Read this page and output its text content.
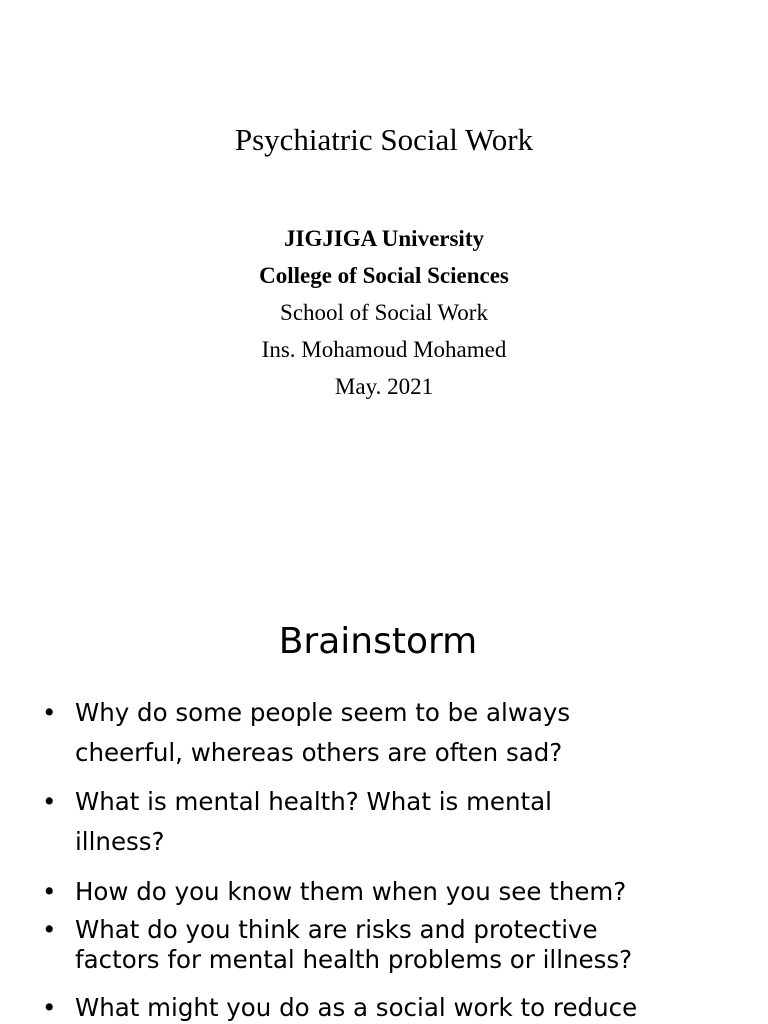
Psychiatric Social Work
JIGJIGA University
College of Social Sciences
School of Social Work
Ins. Mohamoud Mohamed
May. 2021
Brainstorm
• Why do some people seem to be always
cheerful, whereas others are often sad?
• What is mental health? What is mental
illness?
• How do you know them when you see them?
• What do you think are risks and protective
factors for mental health problems or illness?
• What might you do as a social work to reduce
